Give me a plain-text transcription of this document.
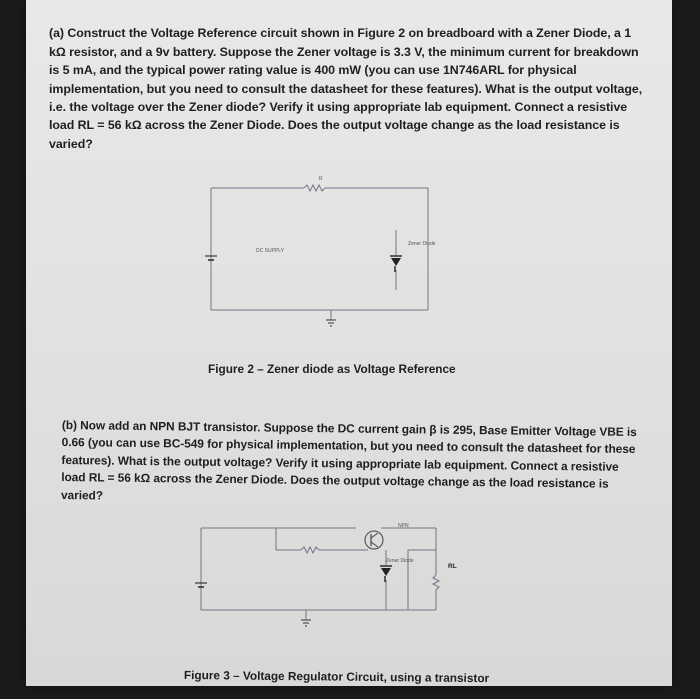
(a) Construct the Voltage Reference circuit shown in Figure 2 on breadboard with a Zener Diode, a 1 kΩ resistor, and a 9v battery. Suppose the Zener voltage is 3.3 V, the minimum current for breakdown is 5 mA, and the typical power rating value is 400 mW (you can use 1N746ARL for physical implementation, but you need to consult the datasheet for these features). What is the output voltage, i.e. the voltage over the Zener diode? Verify it using appropriate lab equipment. Connect a resistive load RL = 56 kΩ across the Zener Diode. Does the output voltage change as the load resistance is varied?

R
DC SUPPLY
Zener Diode

Figure 2 – Zener diode as Voltage Reference

(b) Now add an NPN BJT transistor. Suppose the DC current gain β is 295, Base Emitter Voltage VBE is 0.66 (you can use BC-549 for physical implementation, but you need to consult the datasheet for these features). What is the output voltage? Verify it using appropriate lab equipment. Connect a resistive load RL = 56 kΩ across the Zener Diode. Does the output voltage change as the load resistance is varied?

NPN
Zener Diode
RL

Figure 3 – Voltage Regulator Circuit, using a transistor
